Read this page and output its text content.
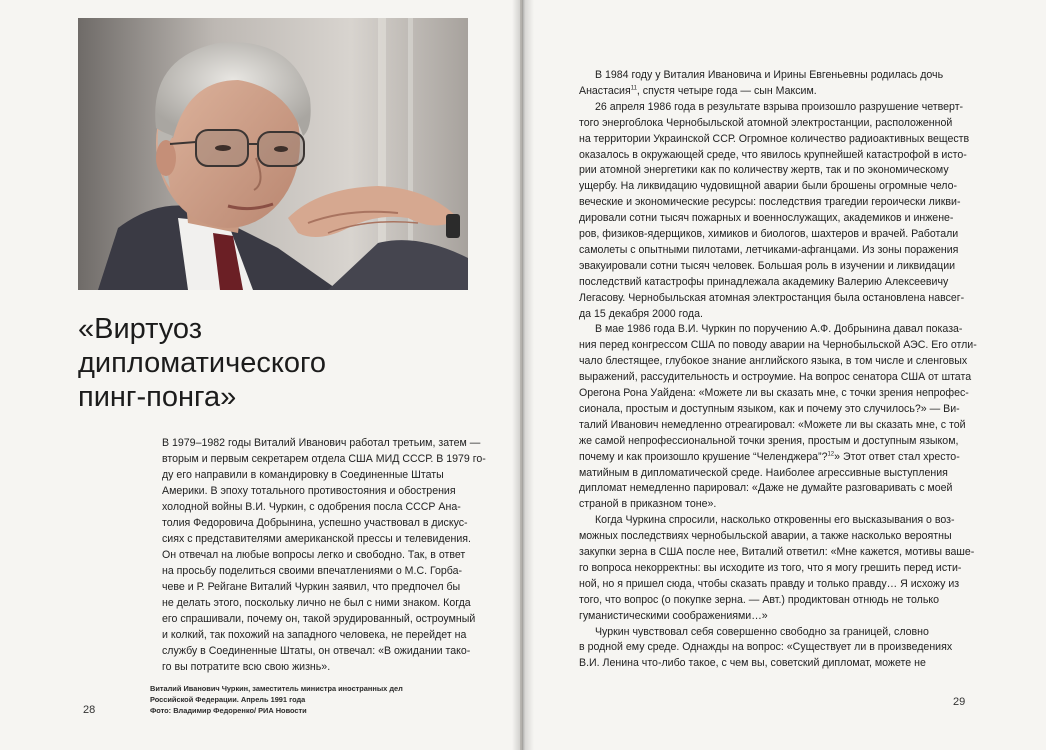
«Виртуоз
дипломатического
пинг-понга»
В 1979–1982 годы Виталий Иванович работал третьим, затем —
вторым и первым секретарем отдела США МИД СССР. В 1979 го-
ду его направили в командировку в Соединенные Штаты
Америки. В эпоху тотального противостояния и обострения
холодной войны В.И. Чуркин, с одобрения посла СССР Ана-
толия Федоровича Добрынина, успешно участвовал в дискус-
сиях с представителями американской прессы и телевидения.
Он отвечал на любые вопросы легко и свободно. Так, в ответ
на просьбу поделиться своими впечатлениями о М.С. Горба-
чеве и Р. Рейгане Виталий Чуркин заявил, что предпочел бы
не делать этого, поскольку лично не был с ними знаком. Когда
его спрашивали, почему он, такой эрудированный, остроумный
и колкий, так похожий на западного человека, не перейдет на
службу в Соединенные Штаты, он отвечал: «В ожидании тако-
го вы потратите всю свою жизнь».
Виталий Иванович Чуркин, заместитель министра иностранных дел
Российской Федерации. Апрель 1991 года
Фото: Владимир Федоренко/ РИА Новости
28
В 1984 году у Виталия Ивановича и Ирины Евгеньевны родилась дочь
Анастасия$^{11}$, спустя четыре года — сын Максим.
26 апреля 1986 года в результате взрыва произошло разрушение четверт-
того энергоблока Чернобыльской атомной электростанции, расположенной
на территории Украинской ССР. Огромное количество радиоактивных веществ
оказалось в окружающей среде, что явилось крупнейшей катастрофой в исто-
рии атомной энергетики как по количеству жертв, так и по экономическому
ущербу. На ликвидацию чудовищной аварии были брошены огромные чело-
веческие и экономические ресурсы: последствия трагедии героически ликви-
дировали сотни тысяч пожарных и военнослужащих, академиков и инженe-
ров, физиков-ядерщиков, химиков и биологов, шахтеров и врачей. Работали
самолеты с опытными пилотами, летчиками-афганцами. Из зоны поражения
эвакуировали сотни тысяч человек. Большая роль в изучении и ликвидации
последствий катастрофы принадлежала академику Валерию Алексеевичу
Легасову. Чернобыльская атомная электростанция была остановлена навсег-
да 15 декабря 2000 года.
В мае 1986 года В.И. Чуркин по поручению А.Ф. Добрынина давал показа-
ния перед конгрессом США по поводу аварии на Чернобыльской АЭС. Его отли-
чало блестящее, глубокое знание английского языка, в том числе и сленговых
выражений, рассудительность и остроумие. На вопрос сенатора США от штата
Орегона Рона Уайдена: «Можете ли вы сказать мне, с точки зрения непрофес-
сионала, простым и доступным языком, как и почему это случилось?» — Ви-
талий Иванович немедленно отреагировал: «Можете ли вы сказать мне, с той
же самой непрофессиональной точки зрения, простым и доступным языком,
почему и как произошло крушение “Челенджера”?$^{12}$» Этот ответ стал хресто-
матийным в дипломатической среде. Наиболее агрессивные выступления
дипломат немедленно парировал: «Даже не думайте разговаривать с моей
страной в приказном тоне».
Когда Чуркина спросили, насколько откровенны его высказывания о воз-
можных последствиях чернобыльской аварии, а также насколько вероятны
закупки зерна в США после нее, Виталий ответил: «Мне кажется, мотивы ваше-
го вопроса некорректны: вы исходите из того, что я могу грешить перед исти-
ной, но я пришел сюда, чтобы сказать правду и только правду… Я исхожу из
того, что вопрос (о покупке зерна. — Авт.) продиктован отнюдь не только
гуманистическими соображениями…»
Чуркин чувствовал себя совершенно свободно за границей, словно
в родной ему среде. Однажды на вопрос: «Существует ли в произведениях
В.И. Ленина что-либо такое, с чем вы, советский дипломат, можете не
29
